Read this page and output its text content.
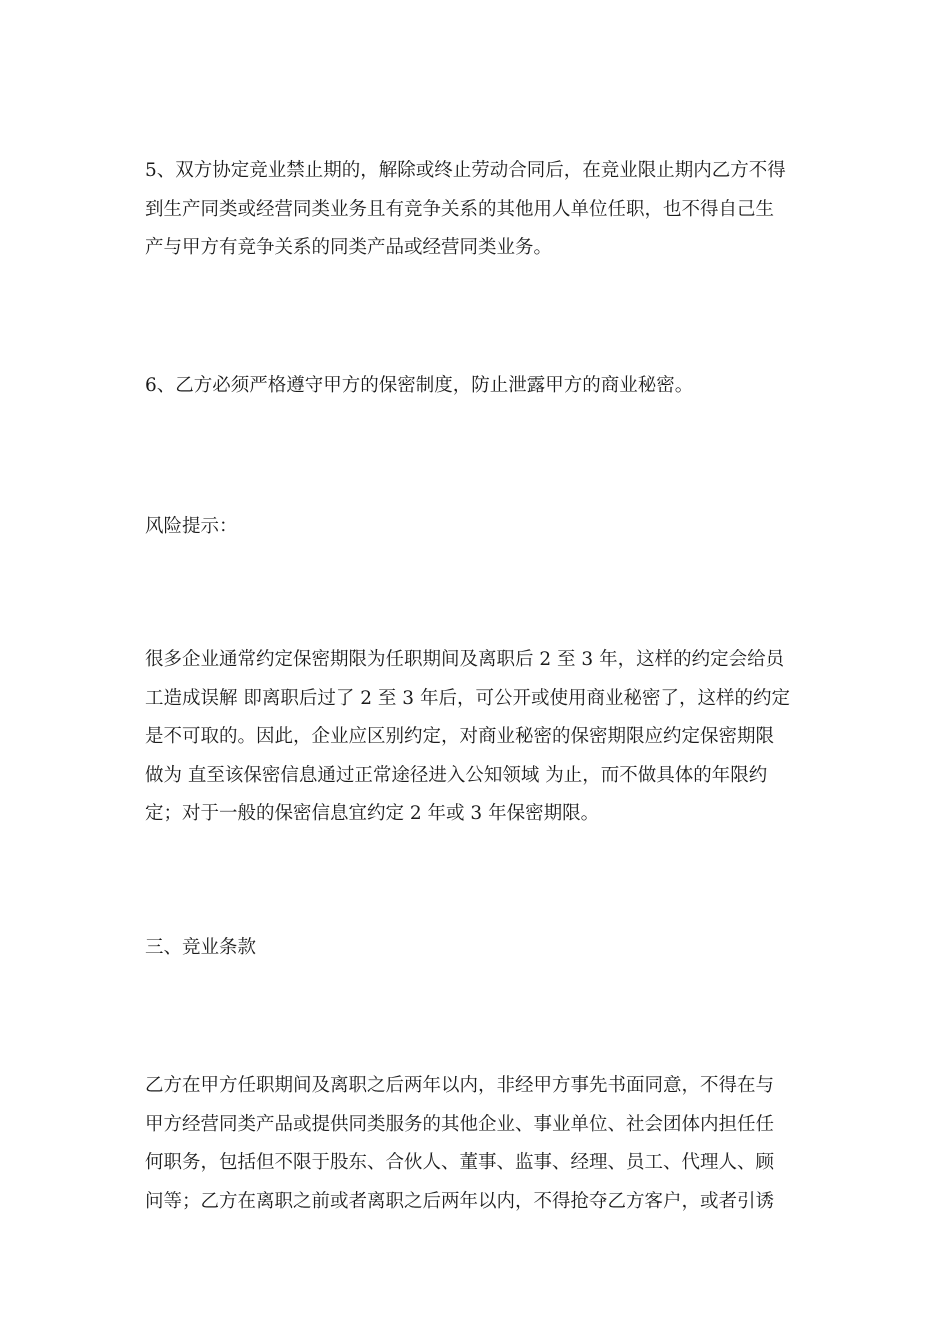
5、双方协定竞业禁止期的，解除或终止劳动合同后，在竞业限止期内乙方不得
到生产同类或经营同类业务且有竞争关系的其他用人单位任职，也不得自己生
产与甲方有竞争关系的同类产品或经营同类业务。

6、乙方必须严格遵守甲方的保密制度，防止泄露甲方的商业秘密。

风险提示：

很多企业通常约定保密期限为任职期间及离职后 2 至 3 年，这样的约定会给员
工造成误解 即离职后过了 2 至 3 年后，可公开或使用商业秘密了，这样的约定
是不可取的。因此，企业应区别约定，对商业秘密的保密期限应约定保密期限
做为 直至该保密信息通过正常途径进入公知领域 为止，而不做具体的年限约
定；对于一般的保密信息宜约定 2 年或 3 年保密期限。

三、竞业条款

乙方在甲方任职期间及离职之后两年以内，非经甲方事先书面同意，不得在与
甲方经营同类产品或提供同类服务的其他企业、事业单位、社会团体内担任任
何职务，包括但不限于股东、合伙人、董事、监事、经理、员工、代理人、顾
问等；乙方在离职之前或者离职之后两年以内，不得抢夺乙方客户，或者引诱
